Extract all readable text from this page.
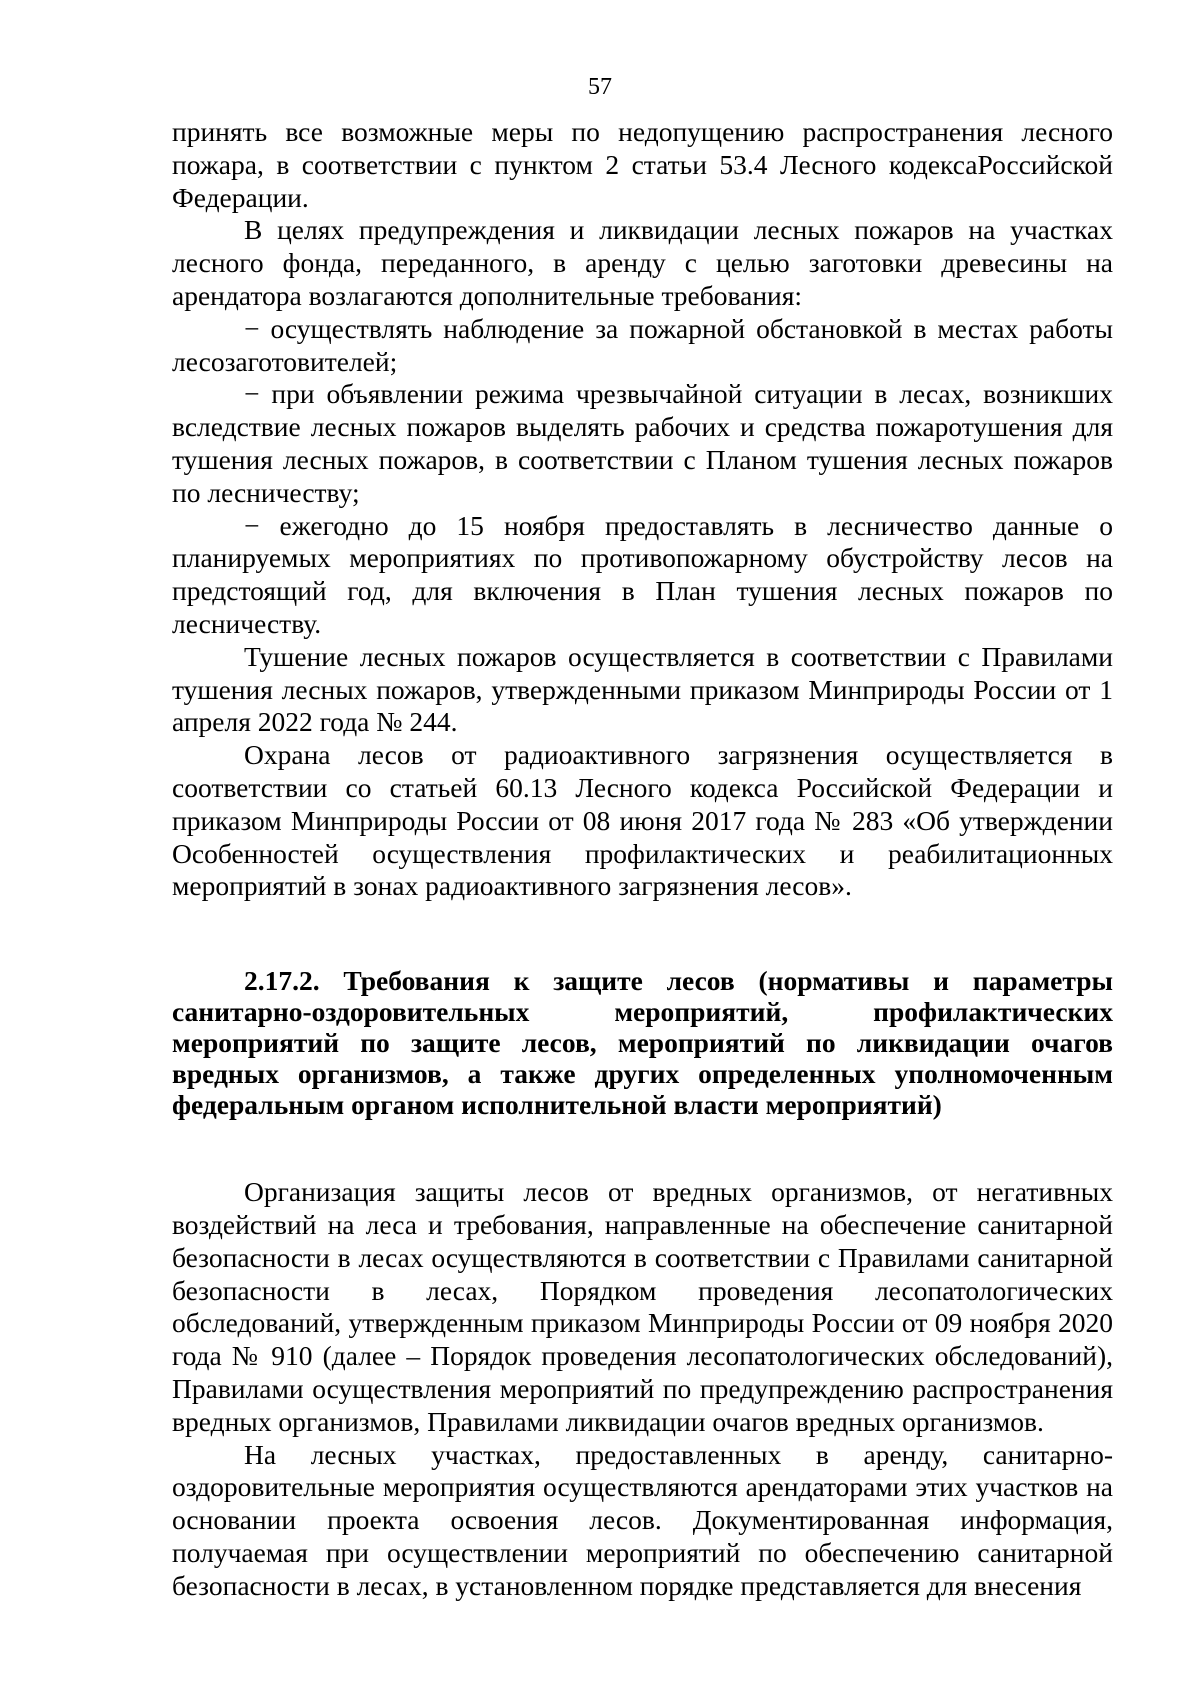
57

принять все возможные меры по недопущению распространения лесного пожара, в соответствии с пунктом 2 статьи 53.4 Лесного кодексаРоссийской Федерации.

В целях предупреждения и ликвидации лесных пожаров на участках лесного фонда, переданного, в аренду с целью заготовки древесины на арендатора возлагаются дополнительные требования:

− осуществлять наблюдение за пожарной обстановкой в местах работы лесозаготовителей;

− при объявлении режима чрезвычайной ситуации в лесах, возникших вследствие лесных пожаров выделять рабочих и средства пожаротушения для тушения лесных пожаров, в соответствии с Планом тушения лесных пожаров по лесничеству;

− ежегодно до 15 ноября предоставлять в лесничество данные о планируемых мероприятиях по противопожарному обустройству лесов на предстоящий год, для включения в План тушения лесных пожаров по лесничеству.

Тушение лесных пожаров осуществляется в соответствии с Правилами тушения лесных пожаров, утвержденными приказом Минприроды России от 1 апреля 2022 года № 244.

Охрана лесов от радиоактивного загрязнения осуществляется в соответствии со статьей 60.13 Лесного кодекса Российской Федерации и приказом Минприроды России от 08 июня 2017 года № 283 «Об утверждении Особенностей осуществления профилактических и реабилитационных мероприятий в зонах радиоактивного загрязнения лесов».

2.17.2. Требования к защите лесов (нормативы и параметры санитарно-оздоровительных мероприятий, профилактических мероприятий по защите лесов, мероприятий по ликвидации очагов вредных организмов, а также других определенных уполномоченным федеральным органом исполнительной власти мероприятий)

Организация защиты лесов от вредных организмов, от негативных воздействий на леса и требования, направленные на обеспечение санитарной безопасности в лесах осуществляются в соответствии с Правилами санитарной безопасности в лесах, Порядком проведения лесопатологических обследований, утвержденным приказом Минприроды России от 09 ноября 2020 года № 910 (далее – Порядок проведения лесопатологических обследований), Правилами осуществления мероприятий по предупреждению распространения вредных организмов, Правилами ликвидации очагов вредных организмов.

На лесных участках, предоставленных в аренду, санитарно-оздоровительные мероприятия осуществляются арендаторами этих участков на основании проекта освоения лесов. Документированная информация, получаемая при осуществлении мероприятий по обеспечению санитарной безопасности в лесах, в установленном порядке представляется для внесения
